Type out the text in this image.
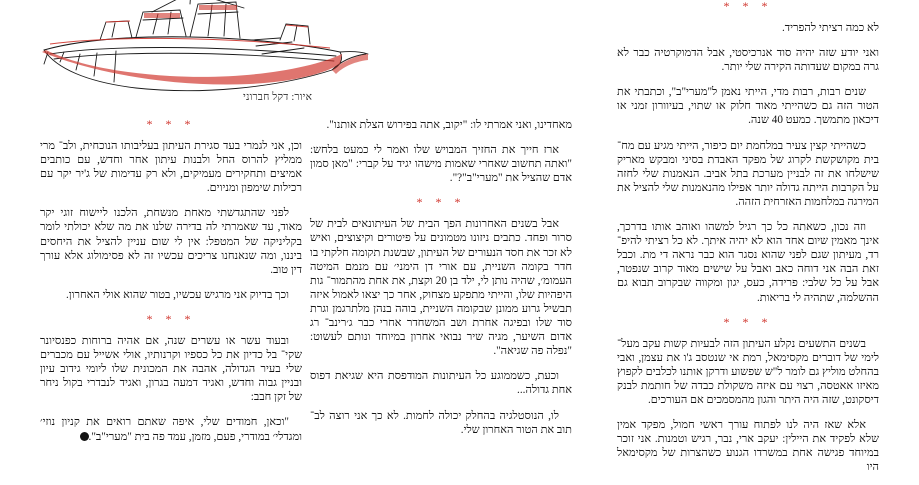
איור: דקל חברוני
* * *

לא כמה רציתי להפריד.

ואני יודע שזה יהיה סוד אנרכיסטי, אבל הדמוקרטיה כבר לא גרה במקום שעדותה הקירה שלי יותר.

שנים רבות, רבות מדי, הייתי נאמן ל"מערי"ב", וכתבתי את הטור הזה גם כשהייתי מאוד חלוק או שתוי, בעיוורון זמני או דיכאון מתמשך. כמעט 40 שנה.

כשהייתי קצין צעיר במלחמת יום כיפור, הייתי מגיע עם מח־ בית מקושקשת לקרוג של מפקד האבדת בסיני ומבקש מאריק שישלחו את זה לבניין מערכת בתל אביב. הנאמנות שלי לחזה על הקרבות הייתה גדולה יותר אפילו מהנאמנות שלי להציל את המירגה במלחמות האזרחית הזהה.

וזה נכון, כשאתה כל כך רגיל למשהו ואוהב אותו בדרכך, אינך מאמין שיום אחד הוא לא יהיה איתך. לא כל רציתי להיפ־ רד, מעיתון שגם לפני שהוא נסגר הוא כבר נראה די מת. וכבל זאת הבה אני דוחה כאב ואבל על שישים מאוד קרוב שנפטר, אבל על כל שלבי: פרידה, כעס, יגון ומקווה שבקרוב תבוא גם ההשלמה, שתהיה לי בריאות.

* * *

בשנים התשעים נקלע העיתון הזה לבעיות קשות עקב מעל־ לימי של דוברים מקסימאל, רמת אי שנטסב ג'ו את עצמן, ואבי בהחלט מוליץ גם לומר ל"ש שפשוע ודרקן אותנו לכלבים לקפוץ מאיזו אאטסה, רצוי עם איזה משקולת כבדה של חותמת לבנק דיסקונט, שזה היה היתר והגון מהמסמכים אם העורכים.

אלא שאז היה לנו לפתוח עורך ראשי חמול, מפקד אמין שלא לפקיד את היילין: יעקב ארי, נבר, רגיש וטמנות. אני זוכר במיוחד פגישה אחת במשרדו הגנוע כשהצרות של מקסימאל היו

מאחדינו, ואני אמרתי לו: "יקוב, אתה בפירוש הצלת אותנו".

ארז חייך את החזיך המבויש שלו ואמר לי כמעט בלחש: "ואתה תחשוב שאחרי שאמות מישהו יגיד על קברי: "מאן סמון אדם שהציל את "מערי"ב"?".

* * *

אבל בשנים האחרונות הפך הבית של העיתונאים לבית של סרור ופחד. כתבים ניזונו מטמונים על פיטורים וקיצוצים, ואיש לא זכר את חסד הנעורים של העיתון, שבשנת תקומה חלקתי בו חדר בקומה השניית, עם אורי דן הימני׳ עם מנמם המיטה העמומ׳, שהיה נותן לי, ילד בן 20 וקצת, את אחת מהתמור־ גות היפהיות שלו, והייתי מתפקע מצחוק, אחר כך יצאו לאמול איזה תבשיל גרוע ממונן שבקומה השניית, בוהה בנהן מלתרגמן וגרת סוד שלו ובפיגה אחרת ושב המשחדר אחרי כבר ג׳רינב־ רג אדום השיער, מגיה שיר נבואי אחרון במיוחד ונותם לעשוט: "נפלה פה שגיאה".

וכעת, כשממוגע כל העיתונות המודפסת היא שגיאת דפוס אחת גדולה...

לו, הנוסטלגיה בהחלק יכולה לחמות. לא כך אני רוצה לב־ תוב את הטור האחרון שלי.

* * *

וכן, אני לגמרי בעד סגירת העיתון בעליבותו הנוכחית, ולב־ מרי ממליץ להרוס החל ולבנות עיתון אחר וחדש, עם כותבים אמיצים ותחקירים מעמיקים, ולא רק עדימות של ג'יר יקר עם רכילות שימפון ומניוים.

לפני שהתגדשתי מאחת מנשחת, הלכנו ליישוח זוגי יקר מאוד, עד שאמרתי לה בדירה שלנו את מה שלא יכולתי לומר בקליניקה של המטפל: אין לי שום עניין להציל את היחסים ביננו, ומה שנאנחנו צריכים עכשיו זה לא פסימולוג אלא עורך דין טוב.

וכך בדיוק אני מרגיש עכשיו, בטור שהוא אולי האחרון.

* * *

ובעוד עשר או עשרים שנה, אם אהיה ברוחות כפנסיונר שקי־ בל כדיון את כל כספיו וקרנותיו, אולי אשייל עם מכברים שלי בעיר הגדולה, אהבה את המכונית שלו ליומי גידוב עיון ובניין גבוה וחדש, ואגיד דמעה בגרון, ואגיד לנבדרי בקול ניחר של זקן חבב:

"וכאן, חמודים שלי, איפה שאתם רואים את קניון נוזי׳ ומגדלי׳ במודרי, פעם, מזמן, עמד פה בית "מערי"ב".✕
